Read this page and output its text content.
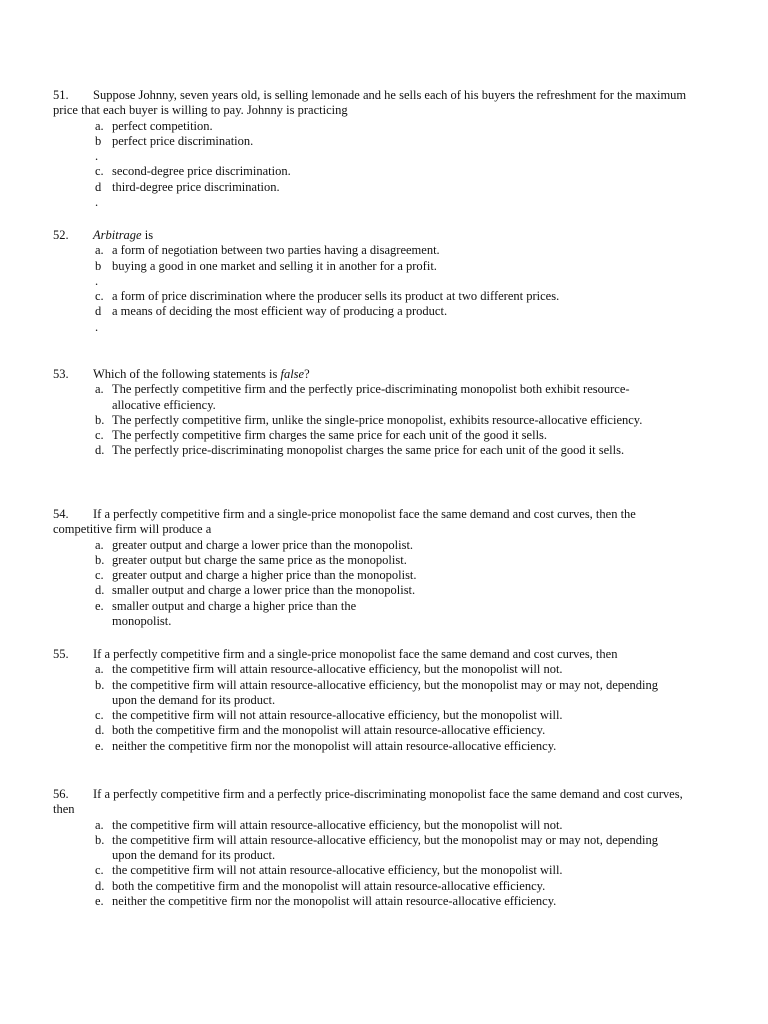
51. Suppose Johnny, seven years old, is selling lemonade and he sells each of his buyers the refreshment for the maximum price that each buyer is willing to pay. Johnny is practicing
a. perfect competition.
b perfect price discrimination.
.
c. second-degree price discrimination.
d third-degree price discrimination.
.
52. Arbitrage is
a. a form of negotiation between two parties having a disagreement.
b buying a good in one market and selling it in another for a profit.
.
c. a form of price discrimination where the producer sells its product at two different prices.
d a means of deciding the most efficient way of producing a product.
.
53. Which of the following statements is false?
a. The perfectly competitive firm and the perfectly price-discriminating monopolist both exhibit resource-allocative efficiency.
b. The perfectly competitive firm, unlike the single-price monopolist, exhibits resource-allocative efficiency.
c. The perfectly competitive firm charges the same price for each unit of the good it sells.
d. The perfectly price-discriminating monopolist charges the same price for each unit of the good it sells.
54. If a perfectly competitive firm and a single-price monopolist face the same demand and cost curves, then the competitive firm will produce a
a. greater output and charge a lower price than the monopolist.
b. greater output but charge the same price as the monopolist.
c. greater output and charge a higher price than the monopolist.
d. smaller output and charge a lower price than the monopolist.
e. smaller output and charge a higher price than the monopolist.
55. If a perfectly competitive firm and a single-price monopolist face the same demand and cost curves, then
a. the competitive firm will attain resource-allocative efficiency, but the monopolist will not.
b. the competitive firm will attain resource-allocative efficiency, but the monopolist may or may not, depending upon the demand for its product.
c. the competitive firm will not attain resource-allocative efficiency, but the monopolist will.
d. both the competitive firm and the monopolist will attain resource-allocative efficiency.
e. neither the competitive firm nor the monopolist will attain resource-allocative efficiency.
56. If a perfectly competitive firm and a perfectly price-discriminating monopolist face the same demand and cost curves, then
a. the competitive firm will attain resource-allocative efficiency, but the monopolist will not.
b. the competitive firm will attain resource-allocative efficiency, but the monopolist may or may not, depending upon the demand for its product.
c. the competitive firm will not attain resource-allocative efficiency, but the monopolist will.
d. both the competitive firm and the monopolist will attain resource-allocative efficiency.
e. neither the competitive firm nor the monopolist will attain resource-allocative efficiency.
